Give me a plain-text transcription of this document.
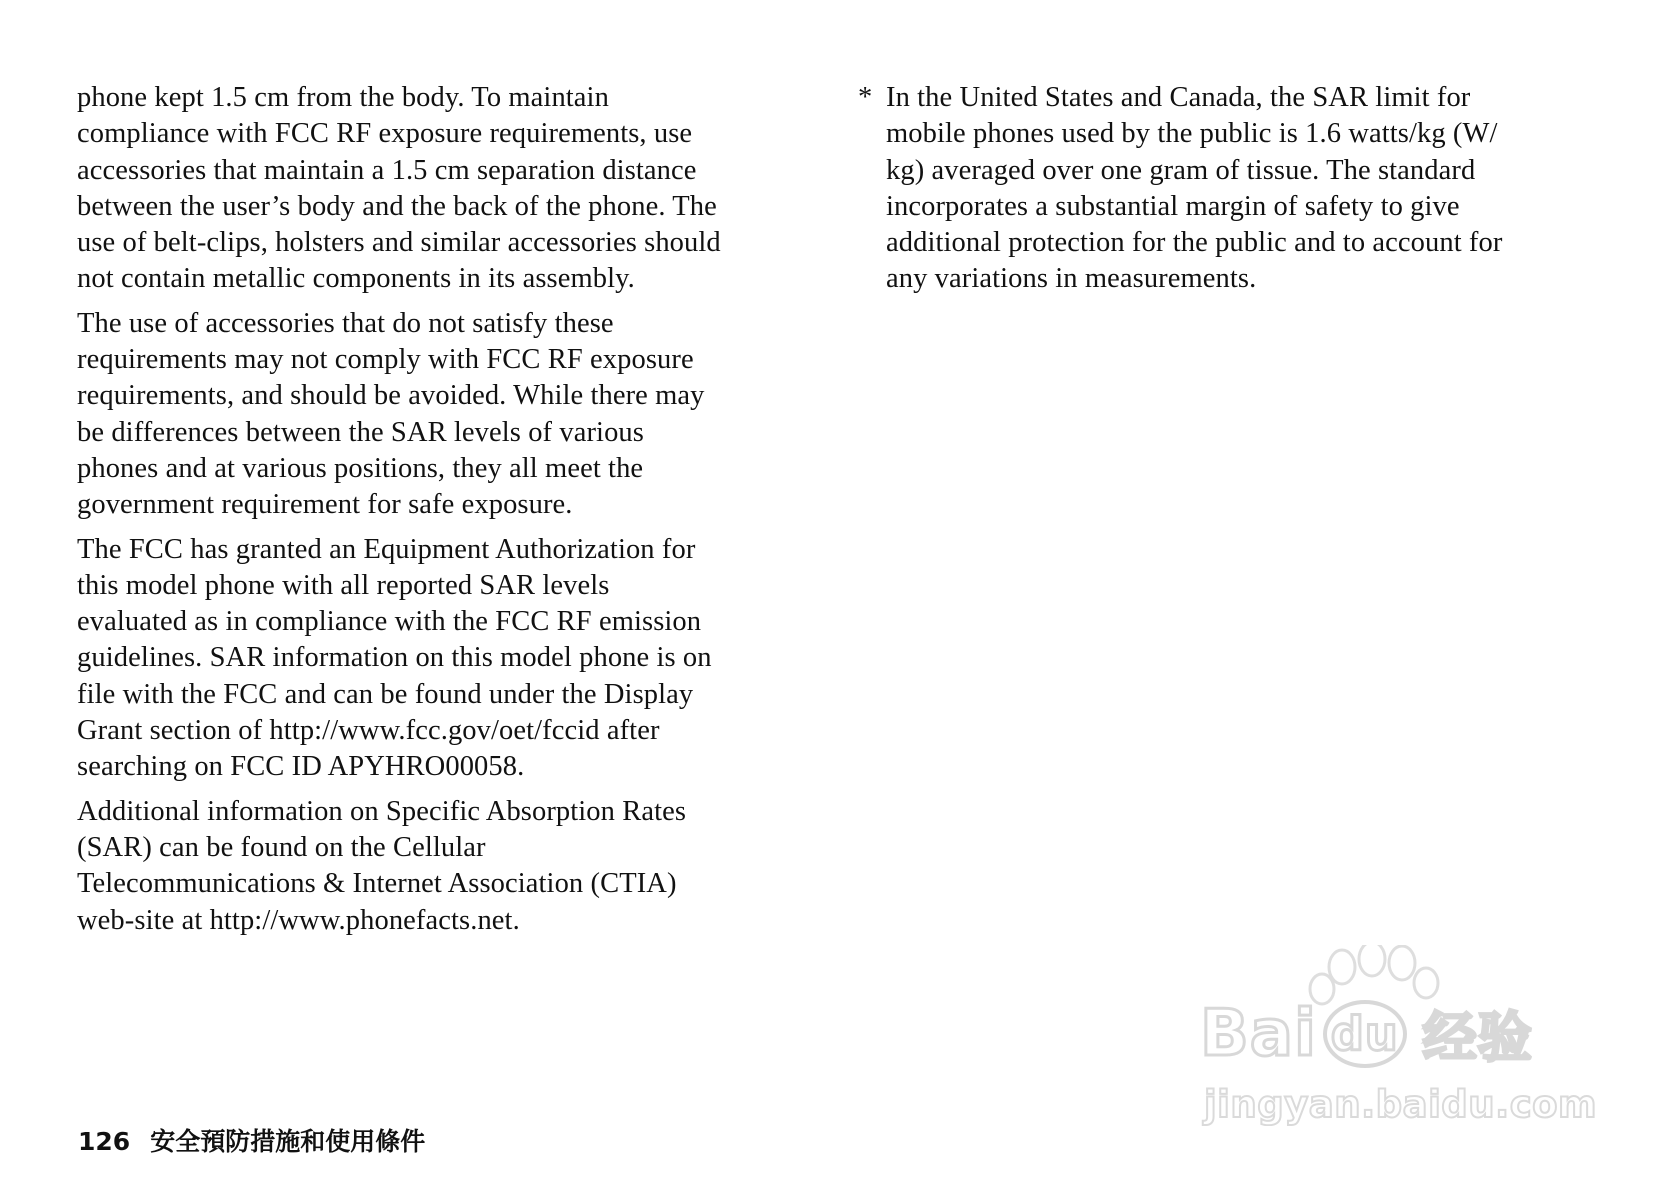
phone kept 1.5 cm from the body. To maintain
compliance with FCC RF exposure requirements, use
accessories that maintain a 1.5 cm separation distance
between the user’s body and the back of the phone. The
use of belt-clips, holsters and similar accessories should
not contain metallic components in its assembly.

The use of accessories that do not satisfy these
requirements may not comply with FCC RF exposure
requirements, and should be avoided. While there may
be differences between the SAR levels of various
phones and at various positions, they all meet the
government requirement for safe exposure.

The FCC has granted an Equipment Authorization for
this model phone with all reported SAR levels
evaluated as in compliance with the FCC RF emission
guidelines. SAR information on this model phone is on
file with the FCC and can be found under the Display
Grant section of http://www.fcc.gov/oet/fccid after
searching on FCC ID APYHRO00058.

Additional information on Specific Absorption Rates
(SAR) can be found on the Cellular
Telecommunications & Internet Association (CTIA)
web-site at http://www.phonefacts.net.

* In the United States and Canada, the SAR limit for
mobile phones used by the public is 1.6 watts/kg (W/
kg) averaged over one gram of tissue. The standard
incorporates a substantial margin of safety to give
additional protection for the public and to account for
any variations in measurements.

126 安全預防措施和使用條件
Bai du 经验
jingyan.baidu.com
